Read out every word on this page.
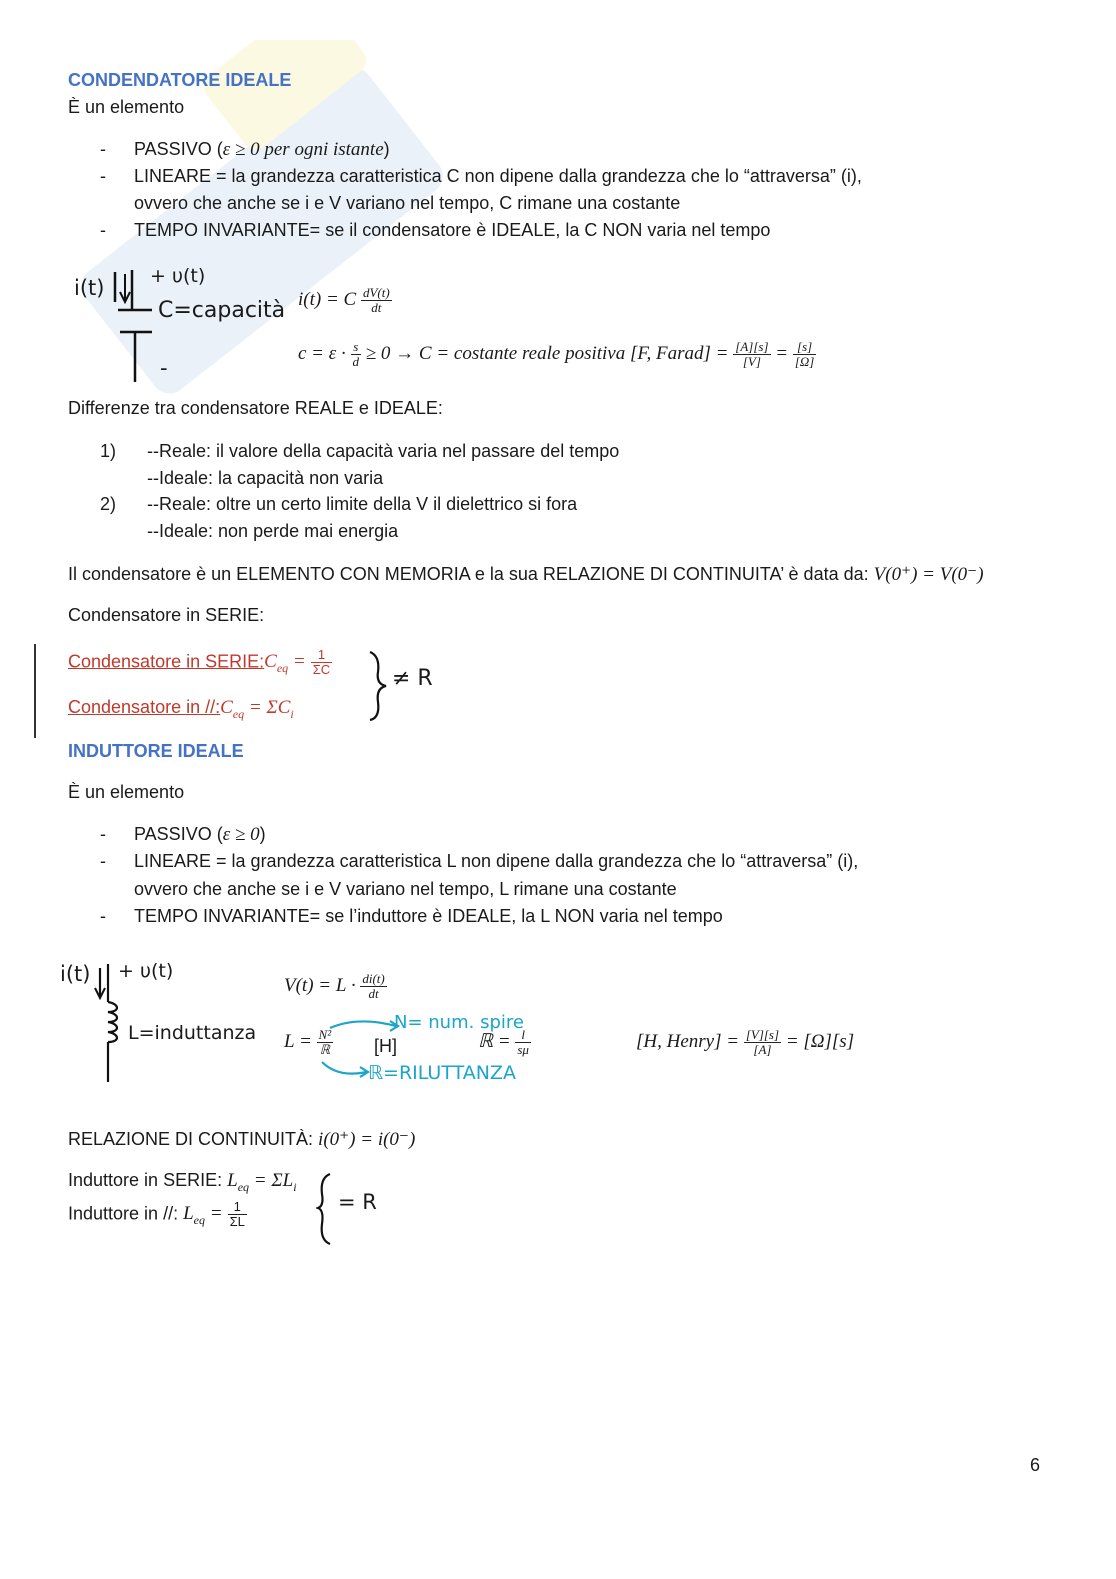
CONDENDATORE IDEALE
È un elemento
- PASSIVO (ε ≥ 0 per ogni istante)
- LINEARE = la grandezza caratteristica C non dipene dalla grandezza che lo “attraversa” (i),
ovvero che anche se i e V variano nel tempo, C rimane una costante
- TEMPO INVARIANTE= se il condensatore è IDEALE, la C NON varia nel tempo
i(t) + υ(t)
C=capacità
-
i(t) = C $\frac{dV(t)}{dt}$
$c = \varepsilon \cdot \frac{s}{d} \ge 0 \to C$ = costante reale positiva [F, Farad] = $\frac{[A][s]}{[V]} = \frac{[s]}{[\Omega]}$
Differenze tra condensatore REALE e IDEALE:
1) --Reale: il valore della capacità varia nel passare del tempo
--Ideale: la capacità non varia
2) --Reale: oltre un certo limite della V il dielettrico si fora
--Ideale: non perde mai energia
Il condensatore è un ELEMENTO CON MEMORIA e la sua RELAZIONE DI CONTINUITA’ è data da: V(0⁺) = V(0⁻)
Condensatore in SERIE:
Condensatore in $SERIE:C_{eq} = \frac{1}{\Sigma C}$
Condensatore in $//:C_{eq} = \Sigma C_i$
≠ R
INDUTTORE IDEALE
È un elemento
- PASSIVO (ε ≥ 0)
- LINEARE = la grandezza caratteristica L non dipene dalla grandezza che lo “attraversa” (i),
ovvero che anche se i e V variano nel tempo, L rimane una costante
- TEMPO INVARIANTE= se l’induttore è IDEALE, la L NON varia nel tempo
i(t) + υ(t)
L=induttanza
$V(t) = L \cdot \frac{di(t)}{dt}$
$L = \frac{\text{N²}}{\text{ℝ}} [H]$	ℝ = $\frac{l}{s\mu}$
N= num. spire
ℝ=RILUTTANZA
[H, Henry] = $\frac{[V][s]}{[A]} = [\Omega][s]$
RELAZIONE DI CONTINUITÀ: i(0⁺) = i(0⁻)
Induttore in SERIE: $L_{eq} = \Sigma L_i$
Induttore in //: $L_{eq} = \frac{1}{\Sigma L}$	= R
6
